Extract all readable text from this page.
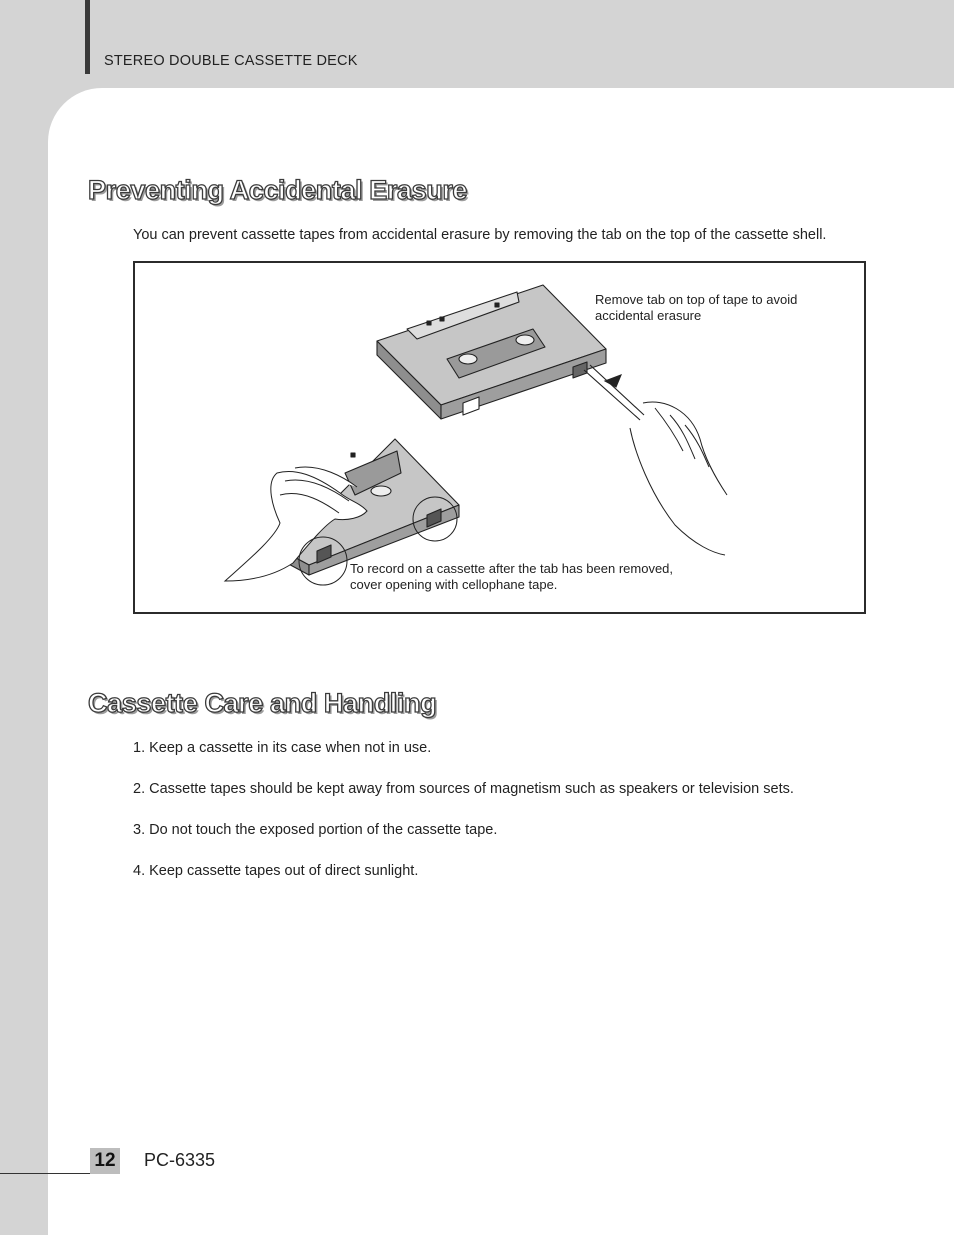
STEREO DOUBLE CASSETTE DECK
Preventing Accidental Erasure
You can prevent cassette tapes from accidental erasure by removing the tab on the top of the cassette shell.
Remove tab on top of tape to avoid
accidental erasure
To record on a cassette after the tab has been removed,
cover opening with cellophane tape.
Cassette Care and Handling
1. Keep a cassette in its case when not in use.
2. Cassette tapes should be kept away from sources of magnetism such as speakers or television sets.
3. Do not touch the exposed portion of the cassette tape.
4. Keep cassette tapes out of direct sunlight.
12 PC-6335
